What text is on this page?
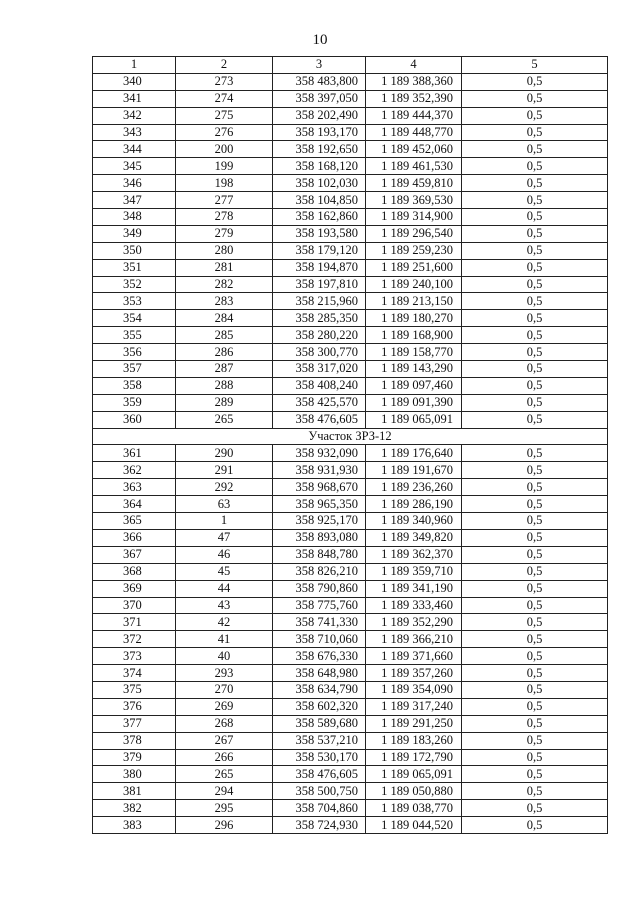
10
1	2	3	4	5
340	273	358 483,800	1 189 388,360	0,5
341	274	358 397,050	1 189 352,390	0,5
342	275	358 202,490	1 189 444,370	0,5
343	276	358 193,170	1 189 448,770	0,5
344	200	358 192,650	1 189 452,060	0,5
345	199	358 168,120	1 189 461,530	0,5
346	198	358 102,030	1 189 459,810	0,5
347	277	358 104,850	1 189 369,530	0,5
348	278	358 162,860	1 189 314,900	0,5
349	279	358 193,580	1 189 296,540	0,5
350	280	358 179,120	1 189 259,230	0,5
351	281	358 194,870	1 189 251,600	0,5
352	282	358 197,810	1 189 240,100	0,5
353	283	358 215,960	1 189 213,150	0,5
354	284	358 285,350	1 189 180,270	0,5
355	285	358 280,220	1 189 168,900	0,5
356	286	358 300,770	1 189 158,770	0,5
357	287	358 317,020	1 189 143,290	0,5
358	288	358 408,240	1 189 097,460	0,5
359	289	358 425,570	1 189 091,390	0,5
360	265	358 476,605	1 189 065,091	0,5
Участок ЗРЗ-12				
361	290	358 932,090	1 189 176,640	0,5
362	291	358 931,930	1 189 191,670	0,5
363	292	358 968,670	1 189 236,260	0,5
364	63	358 965,350	1 189 286,190	0,5
365	1	358 925,170	1 189 340,960	0,5
366	47	358 893,080	1 189 349,820	0,5
367	46	358 848,780	1 189 362,370	0,5
368	45	358 826,210	1 189 359,710	0,5
369	44	358 790,860	1 189 341,190	0,5
370	43	358 775,760	1 189 333,460	0,5
371	42	358 741,330	1 189 352,290	0,5
372	41	358 710,060	1 189 366,210	0,5
373	40	358 676,330	1 189 371,660	0,5
374	293	358 648,980	1 189 357,260	0,5
375	270	358 634,790	1 189 354,090	0,5
376	269	358 602,320	1 189 317,240	0,5
377	268	358 589,680	1 189 291,250	0,5
378	267	358 537,210	1 189 183,260	0,5
379	266	358 530,170	1 189 172,790	0,5
380	265	358 476,605	1 189 065,091	0,5
381	294	358 500,750	1 189 050,880	0,5
382	295	358 704,860	1 189 038,770	0,5
383	296	358 724,930	1 189 044,520	0,5
